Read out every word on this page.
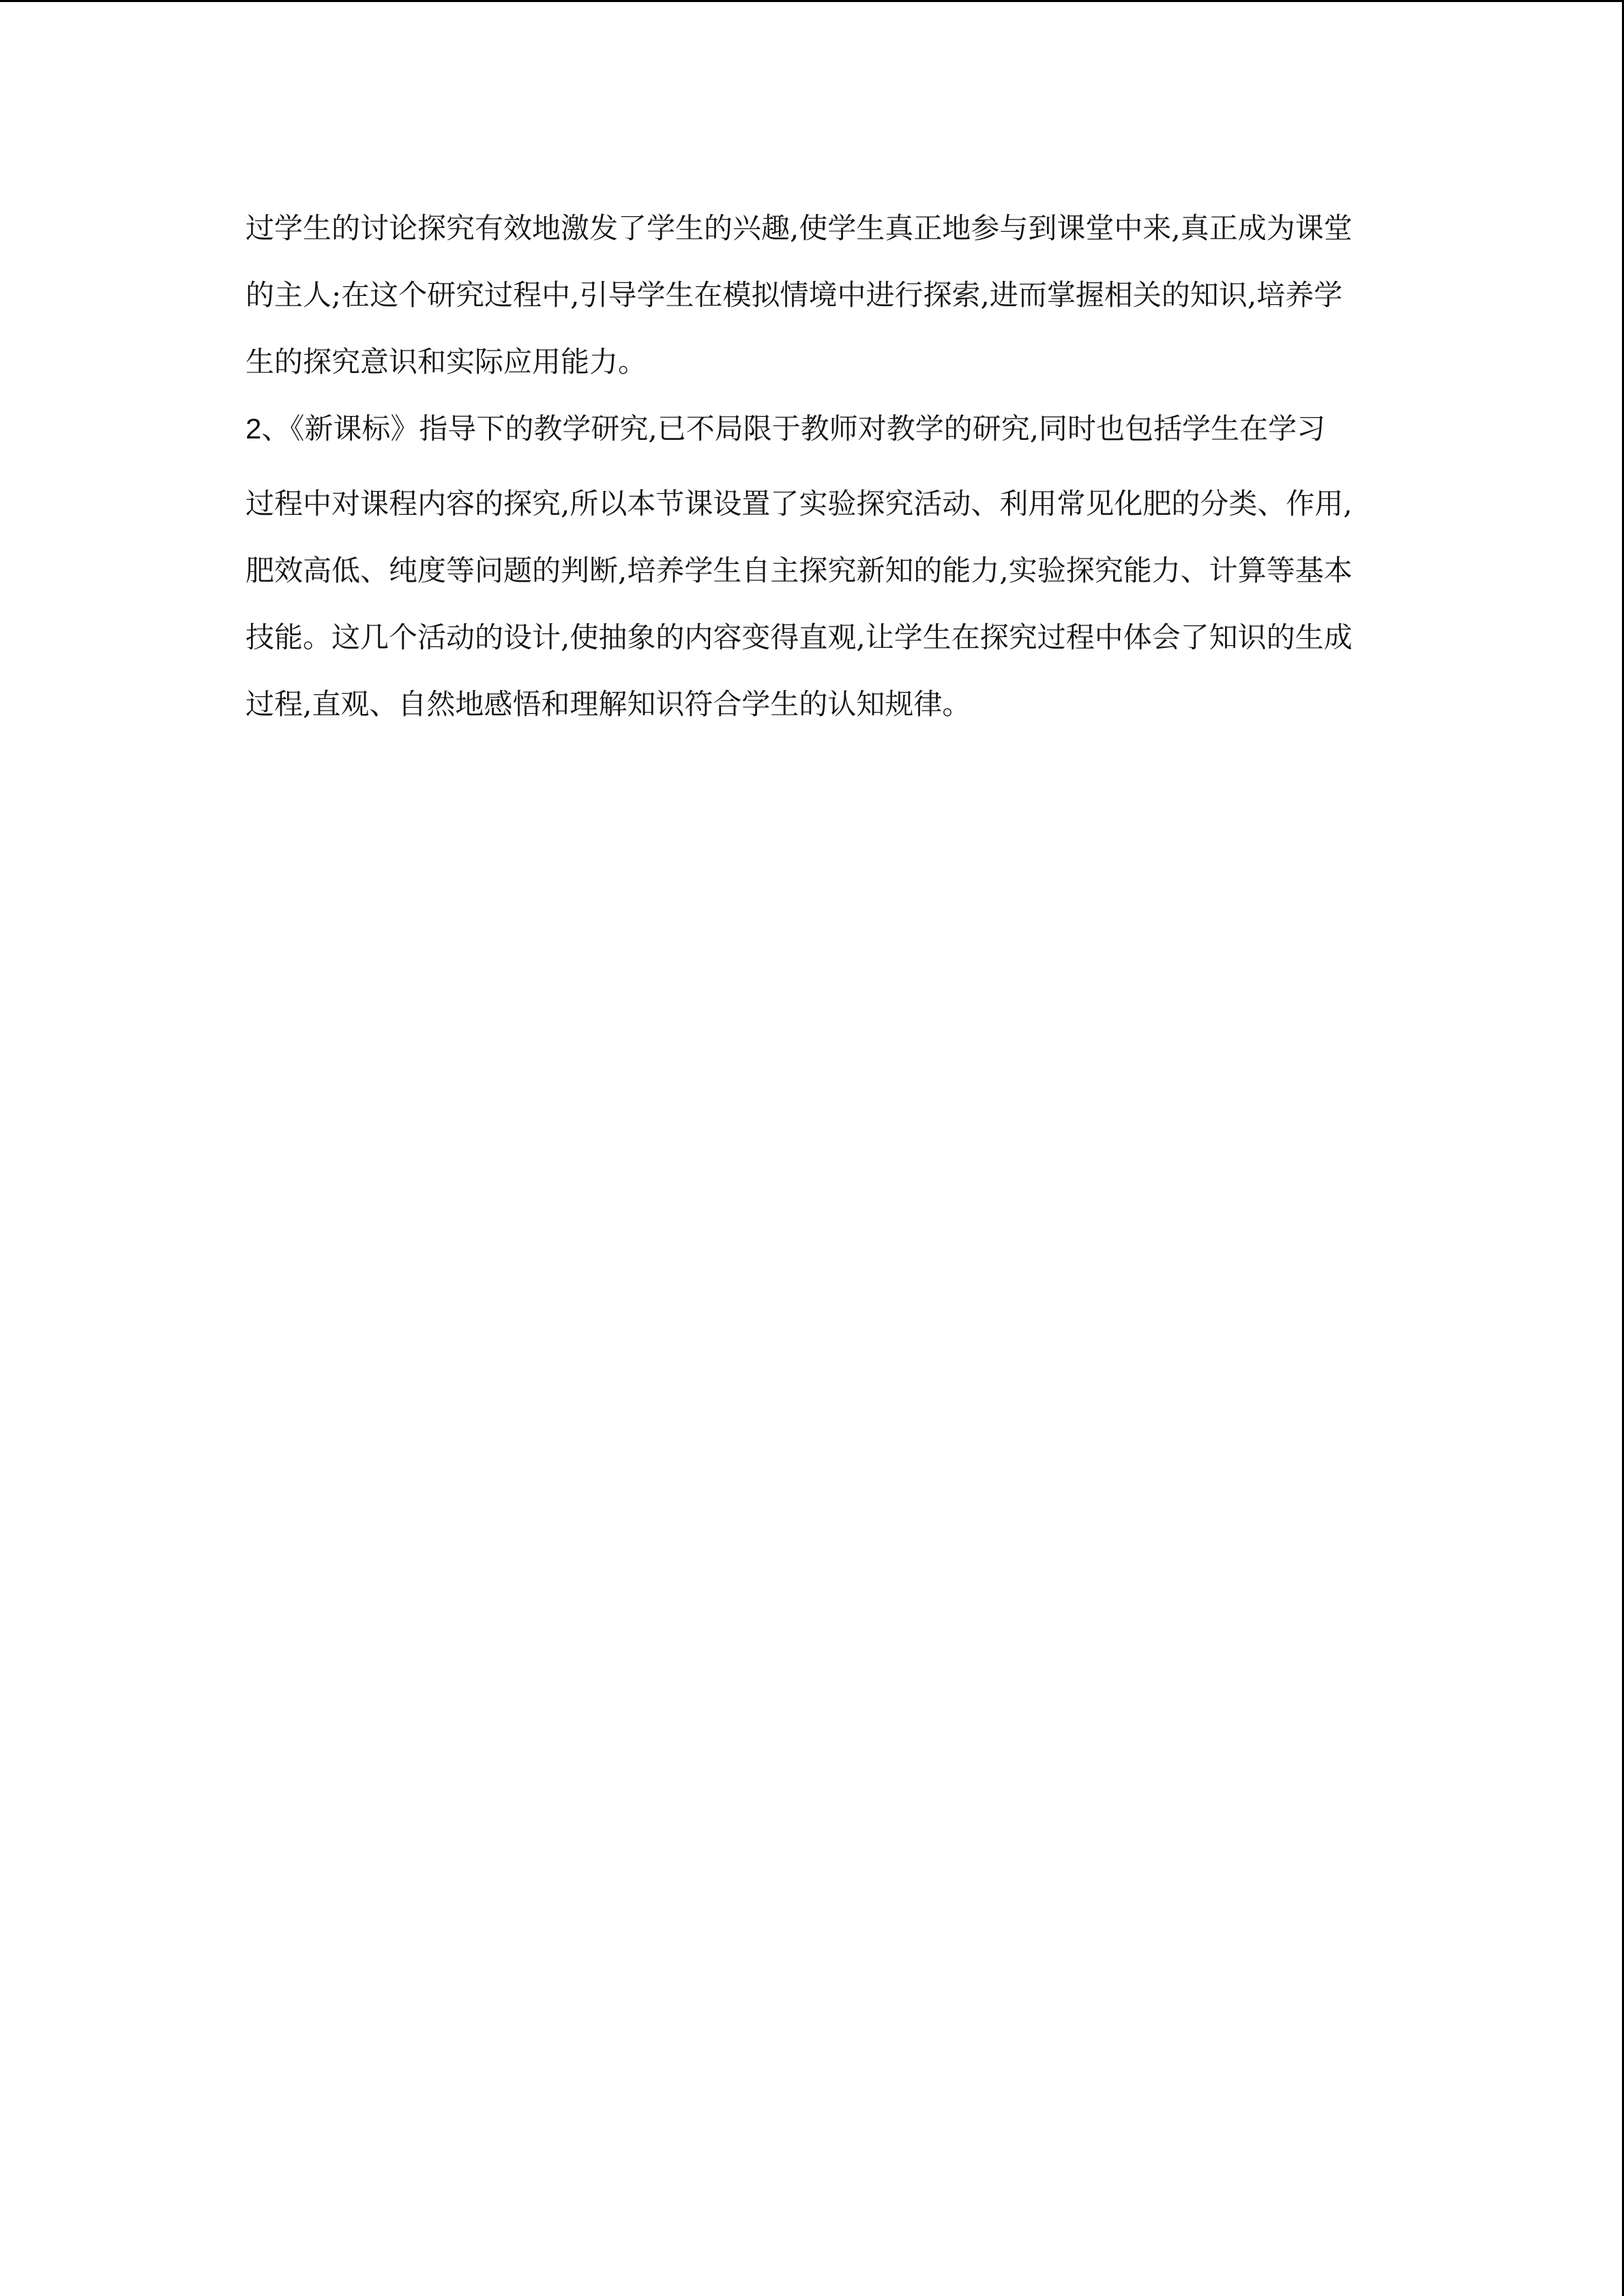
过学生的讨论探究有效地激发了学生的兴趣,使学生真正地参与到课堂中来,真正成为课堂
的主人;在这个研究过程中,引导学生在模拟情境中进行探索,进而掌握相关的知识,培养学
生的探究意识和实际应用能力。
2、《新课标》指导下的教学研究,已不局限于教师对教学的研究,同时也包括学生在学习
过程中对课程内容的探究,所以本节课设置了实验探究活动、利用常见化肥的分类、作用,
肥效高低、纯度等问题的判断,培养学生自主探究新知的能力,实验探究能力、计算等基本
技能。这几个活动的设计,使抽象的内容变得直观,让学生在探究过程中体会了知识的生成
过程,直观、自然地感悟和理解知识符合学生的认知规律。
